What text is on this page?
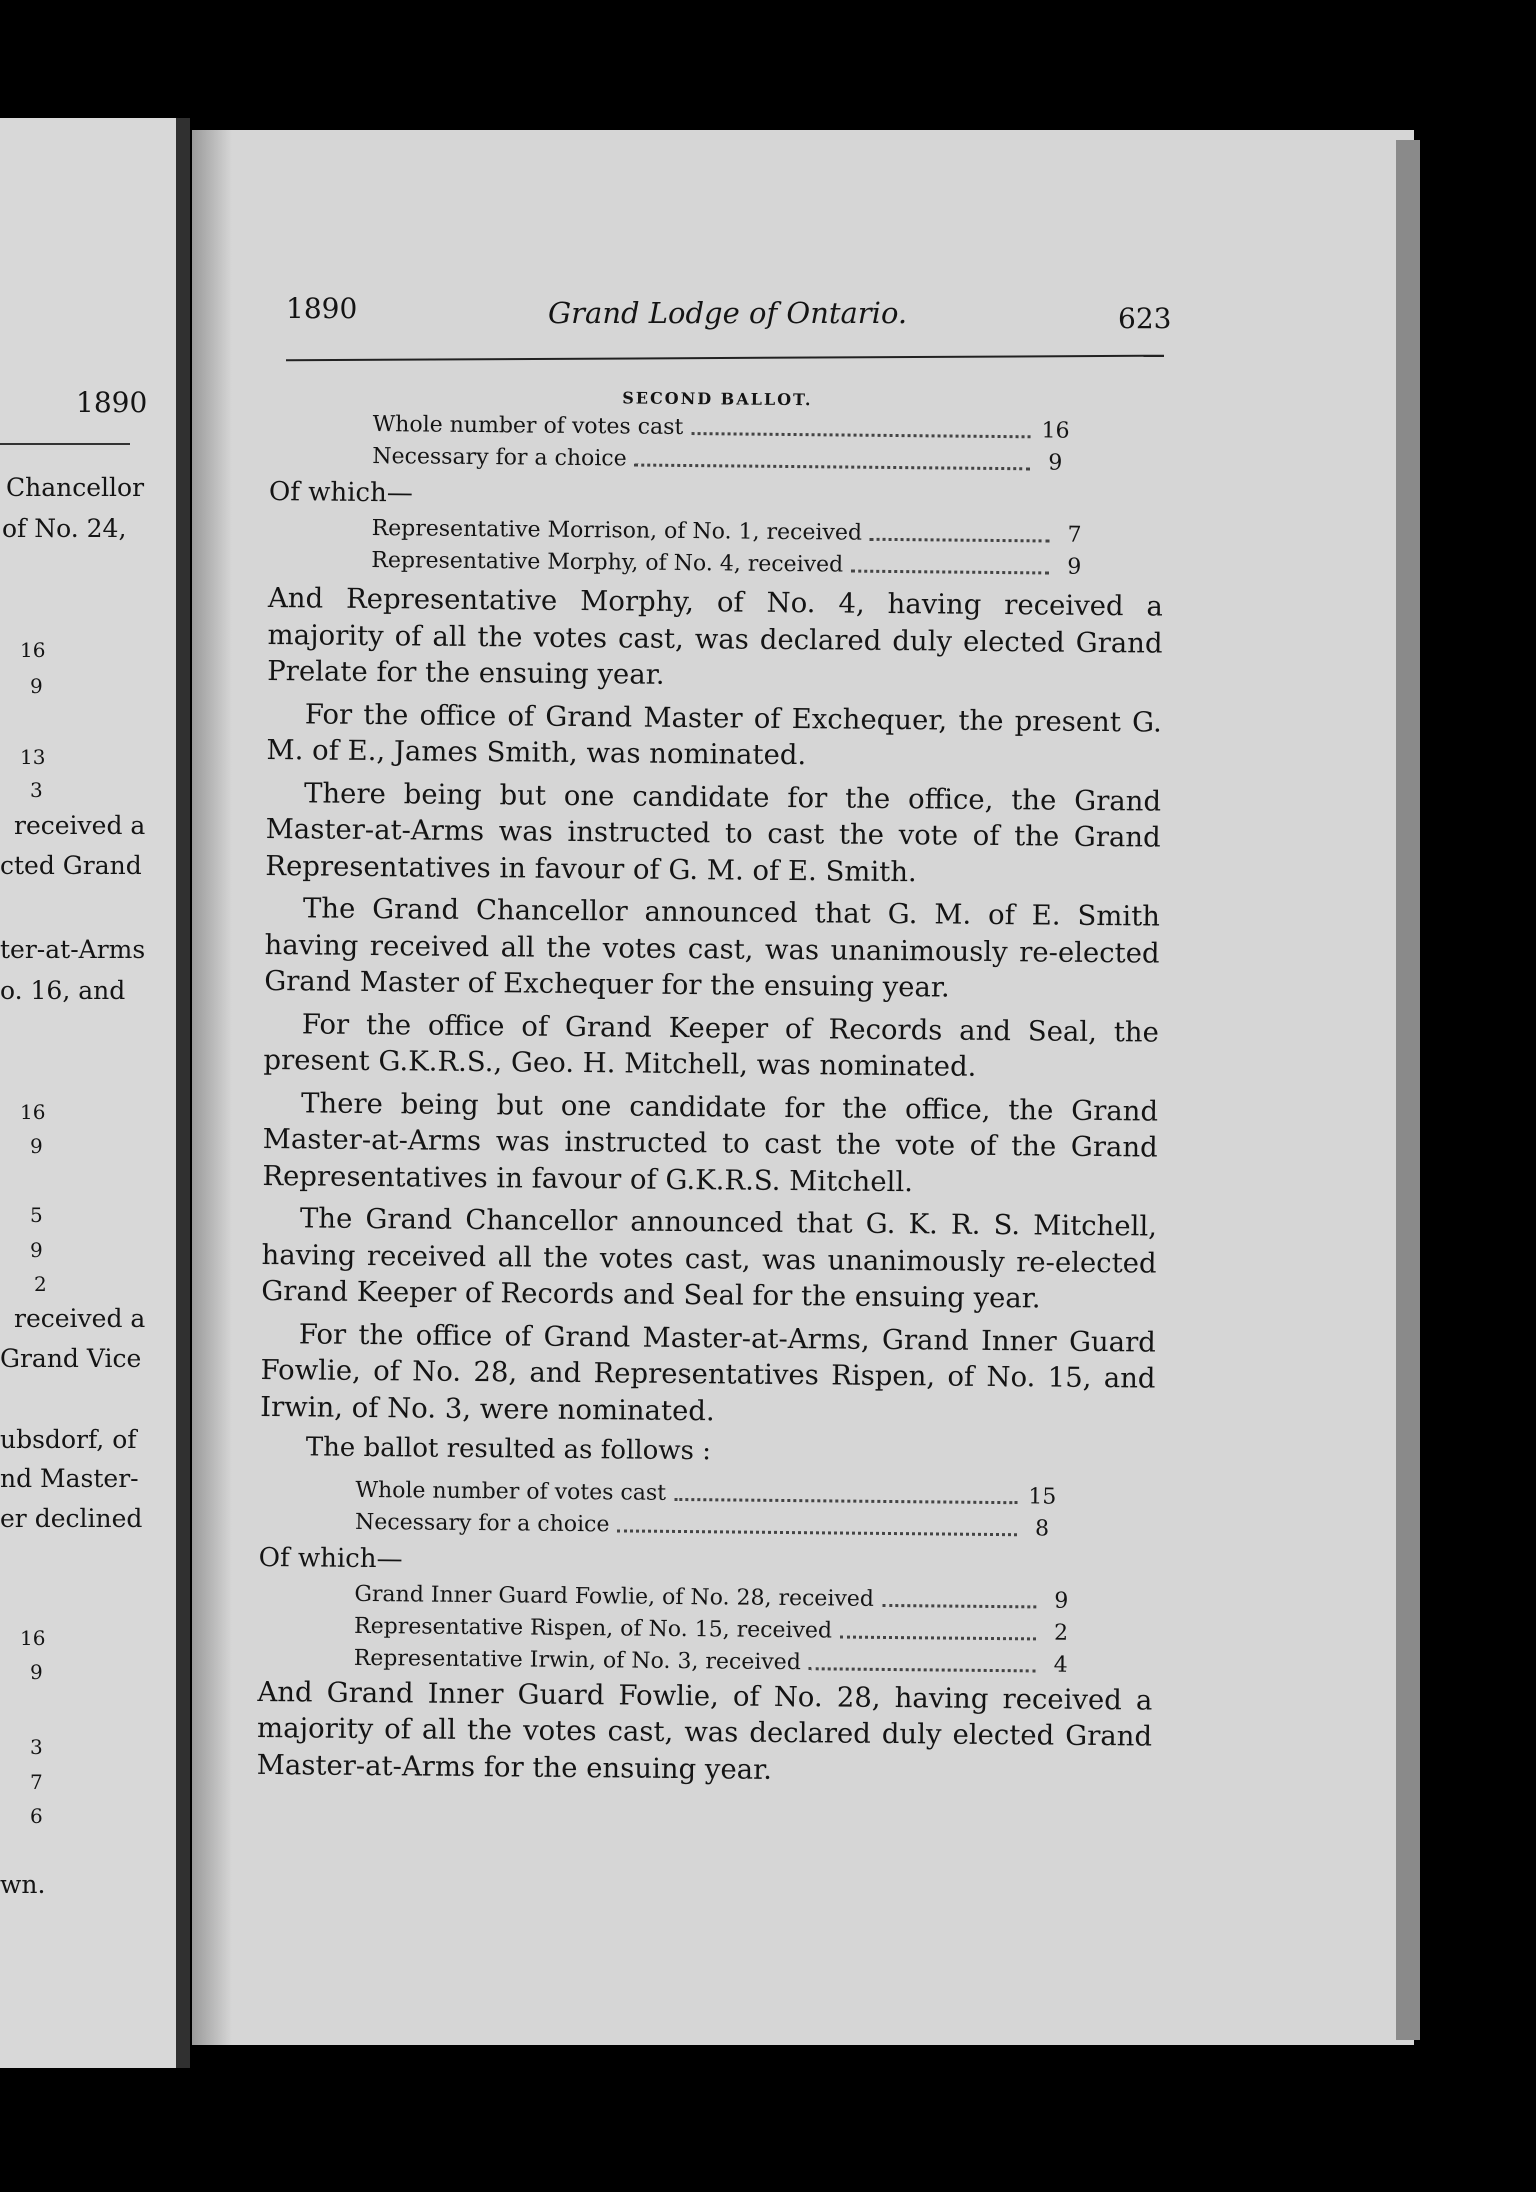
1890
Chancellor
of No. 24,
16
9
13
3
received a
cted Grand
ter-at-Arms
o. 16, and
16
9
5
9
2
received a
Grand Vice
ubsdorf, of
nd Master-
er declined
16
9
3
7
6
wn.
1890	Grand Lodge of Ontario.	623
SECOND BALLOT.
Whole number of votes cast	16
Necessary for a choice	9
Of which—
Representative Morrison, of No. 1, received	7
Representative Morphy, of No. 4, received	9

And Representative Morphy, of No. 4, having received a majority of all the votes cast, was declared duly elected Grand Prelate for the ensuing year.

For the office of Grand Master of Exchequer, the present G. M. of E., James Smith, was nominated.

There being but one candidate for the office, the Grand Master-at-Arms was instructed to cast the vote of the Grand Representatives in favour of G. M. of E. Smith.

The Grand Chancellor announced that G. M. of E. Smith having received all the votes cast, was unanimously re-elected Grand Master of Exchequer for the ensuing year.

For the office of Grand Keeper of Records and Seal, the present G.K.R.S., Geo. H. Mitchell, was nominated.

There being but one candidate for the office, the Grand Master-at-Arms was instructed to cast the vote of the Grand Representatives in favour of G.K.R.S. Mitchell.

The Grand Chancellor announced that G. K. R. S. Mitchell, having received all the votes cast, was unanimously re-elected Grand Keeper of Records and Seal for the ensuing year.

For the office of Grand Master-at-Arms, Grand Inner Guard Fowlie, of No. 28, and Representatives Rispen, of No. 15, and Irwin, of No. 3, were nominated.

The ballot resulted as follows :

Whole number of votes cast	15
Necessary for a choice	8
Of which—
Grand Inner Guard Fowlie, of No. 28, received	9
Representative Rispen, of No. 15, received	2
Representative Irwin, of No. 3, received	4

And Grand Inner Guard Fowlie, of No. 28, having received a majority of all the votes cast, was declared duly elected Grand Master-at-Arms for the ensuing year.
